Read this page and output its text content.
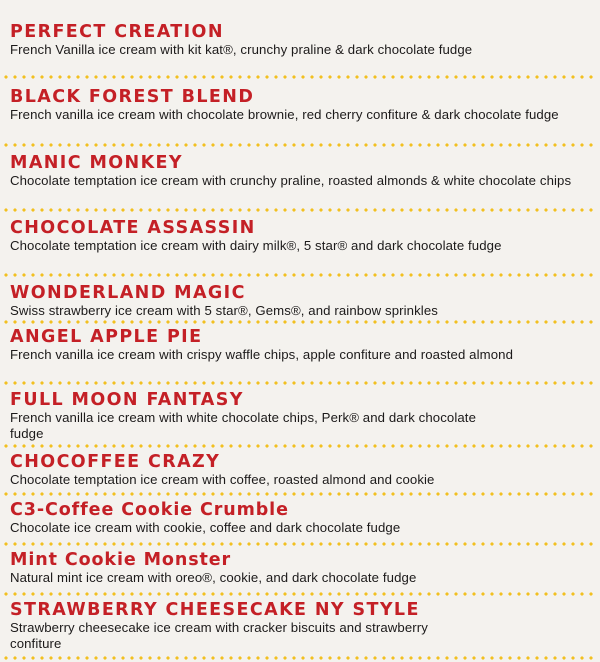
PERFECT CREATION
French Vanilla ice cream with kit kat®, crunchy praline & dark chocolate fudge
BLACK FOREST BLEND
French vanilla ice cream with chocolate brownie, red cherry confiture & dark chocolate fudge
MANIC MONKEY
Chocolate temptation ice cream with crunchy praline, roasted almonds & white chocolate chips
CHOCOLATE ASSASSIN
Chocolate temptation ice cream with dairy milk®, 5 star® and dark chocolate fudge
WONDERLAND MAGIC
Swiss strawberry ice cream with 5 star®, Gems®, and rainbow sprinkles
ANGEL APPLE PIE
French vanilla ice cream with crispy waffle chips, apple confiture and roasted almond
FULL MOON FANTASY
French vanilla ice cream with white chocolate chips, Perk® and dark chocolate fudge
CHOCOFFEE CRAZY
Chocolate temptation ice cream with coffee, roasted almond and cookie
C3-Coffee Cookie Crumble
Chocolate ice cream with cookie, coffee and dark chocolate fudge
Mint Cookie Monster
Natural mint ice cream with oreo®, cookie, and dark chocolate fudge
STRAWBERRY CHEESECAKE NY STYLE
Strawberry cheesecake ice cream with cracker biscuits and strawberry confiture
